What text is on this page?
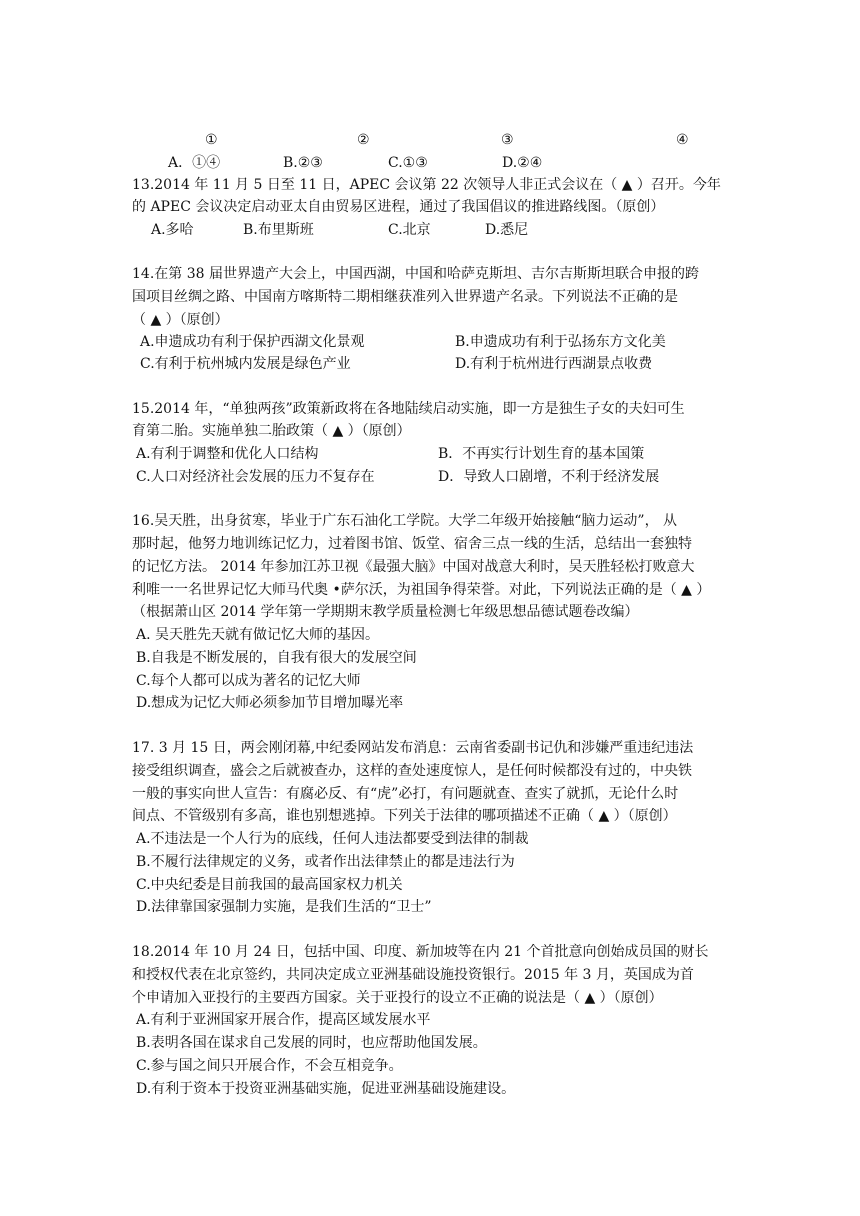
①	②	③	④
A．①④	B.②③	C.①③	D.②④
13.2014 年 11 月 5 日至 11 日，APEC 会议第 22 次领导人非正式会议在（ ▲ ）召开。今年
的 APEC 会议决定启动亚太自由贸易区进程，通过了我国倡议的推进路线图。（原创）
A.多哈	B.布里斯班	C.北京	D.悉尼
14.在第 38 届世界遗产大会上，中国西湖，中国和哈萨克斯坦、吉尔吉斯斯坦联合申报的跨
国项目丝绸之路、中国南方喀斯特二期相继获准列入世界遗产名录。下列说法不正确的是
（ ▲ ）（原创）
A.申遗成功有利于保护西湖文化景观	B.申遗成功有利于弘扬东方文化美
C.有利于杭州城内发展是绿色产业	D.有利于杭州进行西湖景点收费
15.2014 年，“单独两孩”政策新政将在各地陆续启动实施，即一方是独生子女的夫妇可生
育第二胎。实施单独二胎政策（ ▲ ）（原创）
A.有利于调整和优化人口结构	B．不再实行计划生育的基本国策
C.人口对经济社会发展的压力不复存在	D．导致人口剧增，不利于经济发展
16.吴天胜，出身贫寒，毕业于广东石油化工学院。大学二年级开始接触“脑力运动”， 从
那时起，他努力地训练记忆力，过着图书馆、饭堂、宿舍三点一线的生活，总结出一套独特
的记忆方法。 2014 年参加江苏卫视《最强大脑》中国对战意大利时，吴天胜轻松打败意大
利唯一一名世界记忆大师马代奥 •萨尔沃，为祖国争得荣誉。对此，下列说法正确的是（ ▲ ）
（根据萧山区 2014 学年第一学期期末教学质量检测七年级思想品德试题卷改编）
A. 吴天胜先天就有做记忆大师的基因。
B.自我是不断发展的，自我有很大的发展空间
C.每个人都可以成为著名的记忆大师
D.想成为记忆大师必须参加节目增加曝光率
17. 3 月 15 日，两会刚闭幕,中纪委网站发布消息：云南省委副书记仇和涉嫌严重违纪违法
接受组织调查，盛会之后就被查办，这样的查处速度惊人，是任何时候都没有过的，中央铁
一般的事实向世人宣告：有腐必反、有“虎”必打，有问题就查、查实了就抓，无论什么时
间点、不管级别有多高，谁也别想逃掉。下列关于法律的哪项描述不正确（ ▲ ）（原创）
A.不违法是一个人行为的底线，任何人违法都要受到法律的制裁
B.不履行法律规定的义务，或者作出法律禁止的都是违法行为
C.中央纪委是目前我国的最高国家权力机关
D.法律靠国家强制力实施，是我们生活的“卫士”
18.2014 年 10 月 24 日，包括中国、印度、新加坡等在内 21 个首批意向创始成员国的财长
和授权代表在北京签约，共同决定成立亚洲基础设施投资银行。2015 年 3 月，英国成为首
个申请加入亚投行的主要西方国家。关于亚投行的设立不正确的说法是（ ▲ ）（原创）
A.有利于亚洲国家开展合作，提高区域发展水平
B.表明各国在谋求自己发展的同时，也应帮助他国发展。
C.参与国之间只开展合作，不会互相竞争。
D.有利于资本于投资亚洲基础实施，促进亚洲基础设施建设。
